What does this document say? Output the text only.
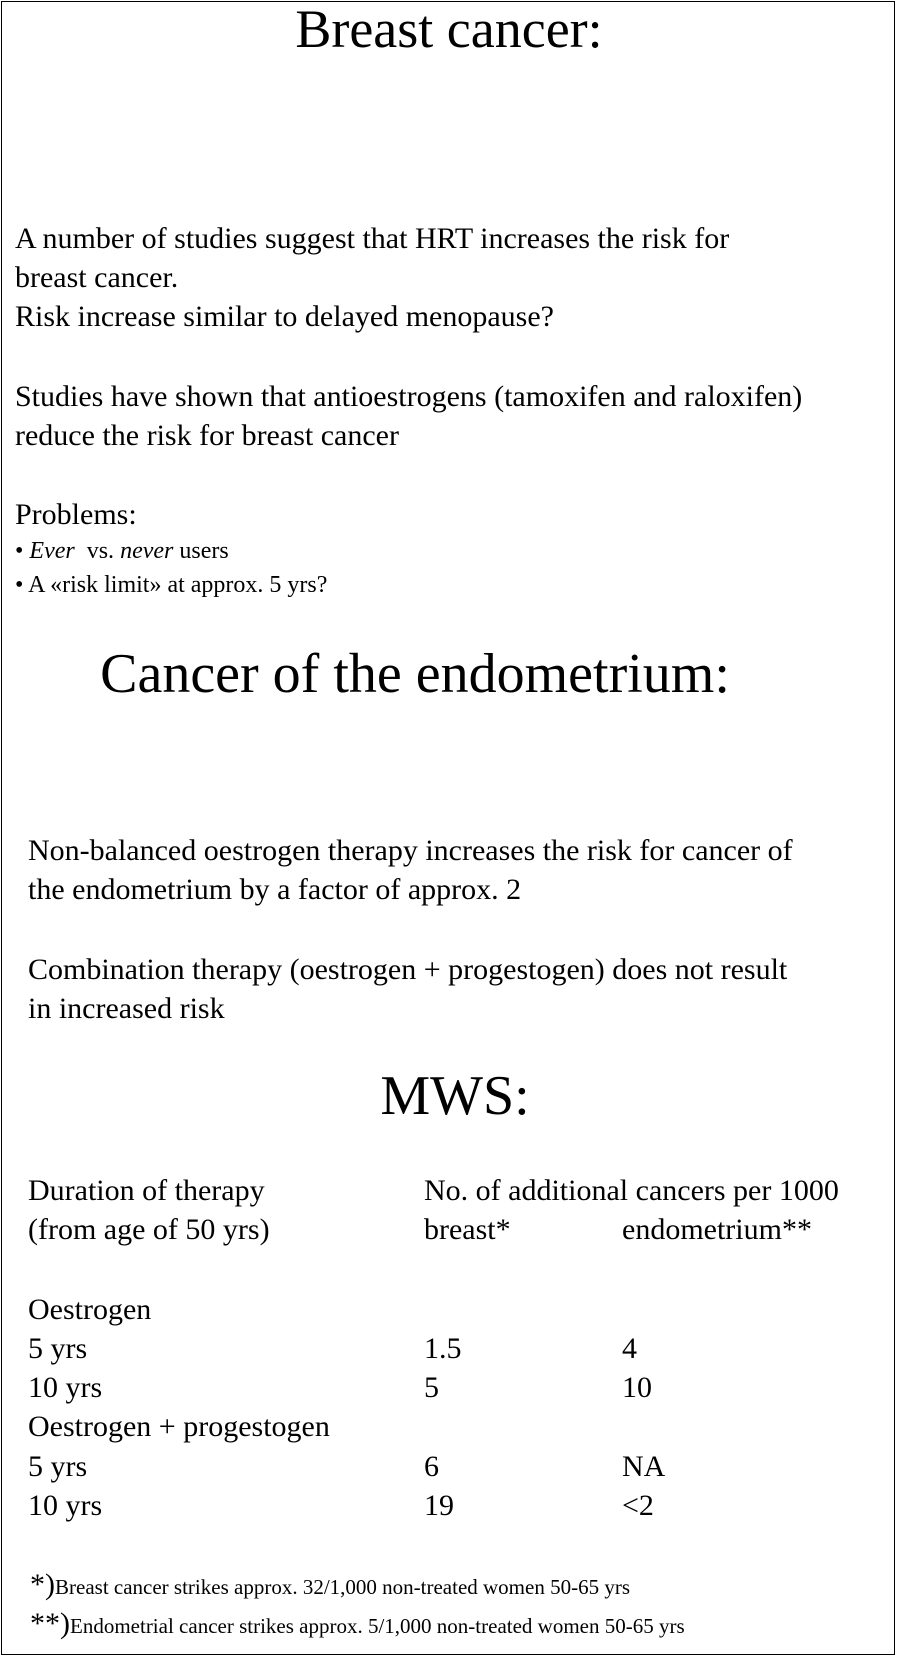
Breast cancer:
A number of studies suggest that HRT increases the risk for
breast cancer.
Risk increase similar to delayed menopause?
Studies have shown that antioestrogens (tamoxifen and raloxifen)
reduce the risk for breast cancer
Problems:
• Ever vs. never users
• A «risk limit» at approx. 5 yrs?
Cancer of the endometrium:
Non-balanced oestrogen therapy increases the risk for cancer of
the endometrium by a factor of approx. 2
Combination therapy (oestrogen + progestogen) does not result
in increased risk
MWS:
Duration of therapy
(from age of 50 yrs)
No. of additional cancers per 1000
breast*	endometrium**
Oestrogen
5 yrs	1.5	4
10 yrs	5	10
Oestrogen + progestogen
5 yrs	6	NA
10 yrs	19	<2
*)Breast cancer strikes approx. 32/1,000 non-treated women 50-65 yrs
**)Endometrial cancer strikes approx. 5/1,000 non-treated women 50-65 yrs
